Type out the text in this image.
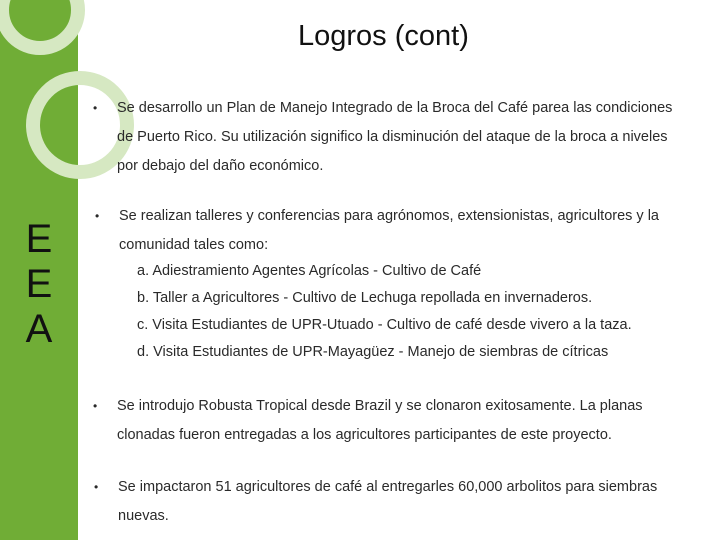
E
E
A
Logros (cont)
• Se desarrollo un Plan de Manejo Integrado de la Broca del Café parea las condiciones de Puerto Rico. Su utilización significo la disminución del ataque de la broca a niveles por debajo del daño económico.
• Se realizan talleres y conferencias para agrónomos, extensionistas, agricultores y la comunidad tales como:
a. Adiestramiento Agentes Agrícolas - Cultivo de Café
b. Taller a Agricultores - Cultivo de Lechuga repollada en invernaderos.
c. Visita Estudiantes de UPR-Utuado - Cultivo de café desde vivero a la taza.
d. Visita Estudiantes de UPR-Mayagüez - Manejo de siembras de cítricas
• Se introdujo Robusta Tropical desde Brazil y se clonaron exitosamente. La planas clonadas fueron entregadas a los agricultores participantes de este proyecto.
• Se impactaron 51 agricultores de café al entregarles 60,000 arbolitos para siembras nuevas.
